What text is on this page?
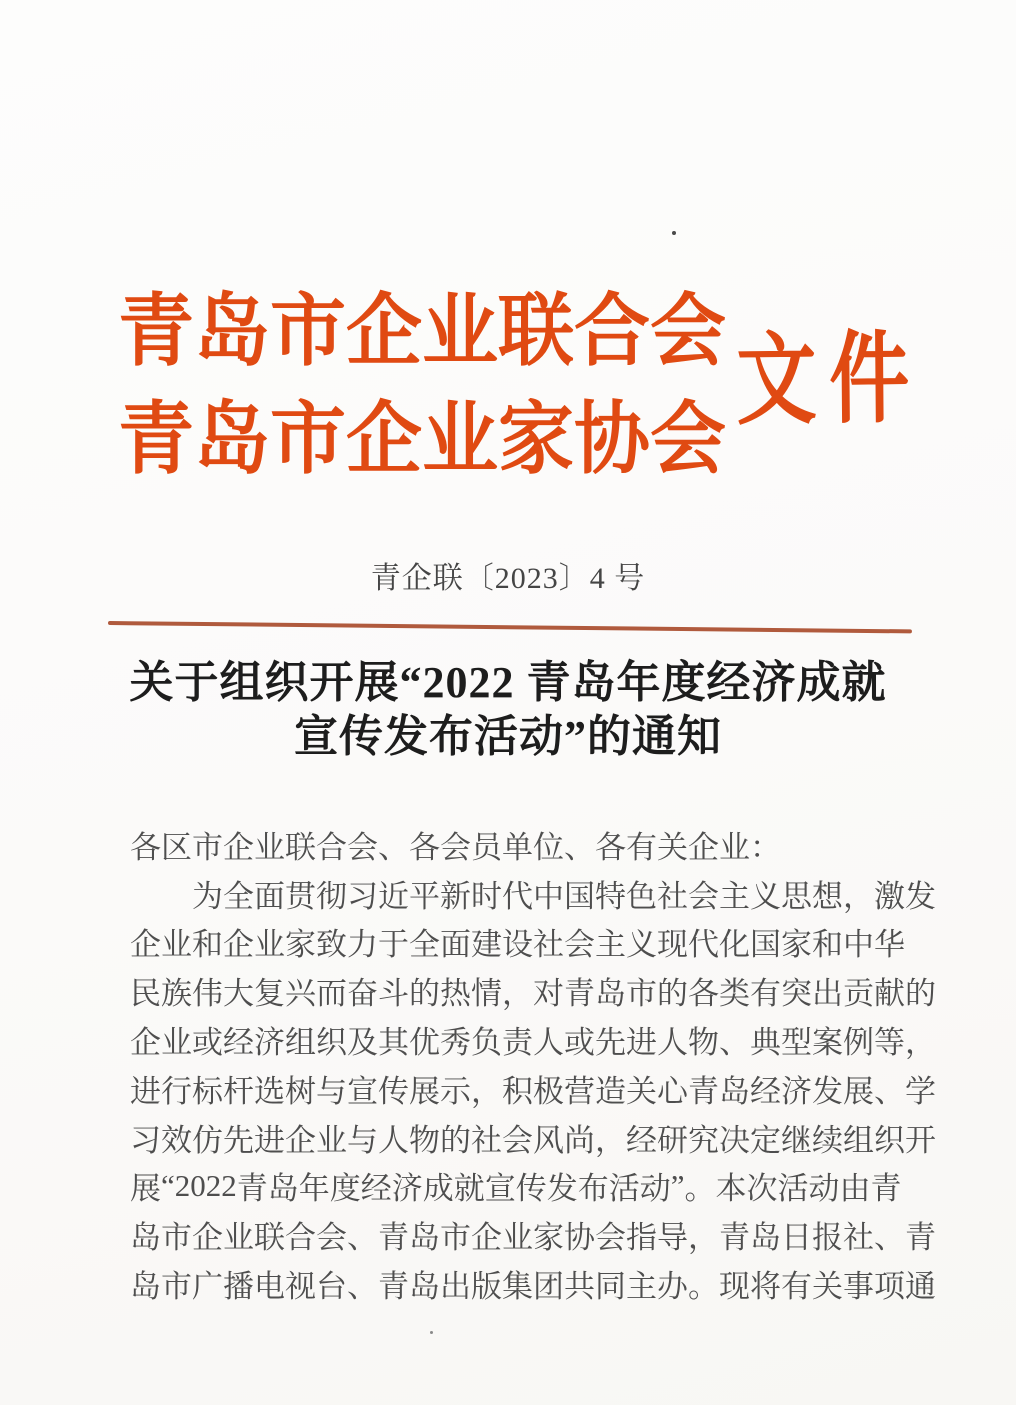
青 岛 市 企 业 联 合 会
青 岛 市 企 业 家 协 会
文件
青企联〔2023〕4 号
关于组织开展“2022 青岛年度经济成就
宣传发布活动”的通知
各区市企业联合会、各会员单位、各有关企业：
为 全 面 贯 彻 习 近 平 新 时 代 中 国 特 色 社 会 主 义 思 想 ， 激 发
企 业 和 企 业 家 致 力 于 全 面 建 设 社 会 主 义 现 代 化 国 家 和 中 华
民 族 伟 大 复 兴 而 奋 斗 的 热 情 ， 对 青 岛 市 的 各 类 有 突 出 贡 献 的
企 业 或 经 济 组 织 及 其 优 秀 负 责 人 或 先 进 人 物 、 典 型 案 例 等 ，
进 行 标 杆 选 树 与 宣 传 展 示 ， 积 极 营 造 关 心 青 岛 经 济 发 展 、 学
习 效 仿 先 进 企 业 与 人 物 的 社 会 风 尚 ， 经 研 究 决 定 继 续 组 织 开
展 “ 2022 青 岛 年 度 经 济 成 就 宣 传 发 布 活 动 ” 。 本 次 活 动 由 青
岛 市 企 业 联 合 会 、 青 岛 市 企 业 家 协 会 指 导 ， 青 岛 日 报 社 、 青
岛 市 广 播 电 视 台 、 青 岛 出 版 集 团 共 同 主 办 。 现 将 有 关 事 项 通
